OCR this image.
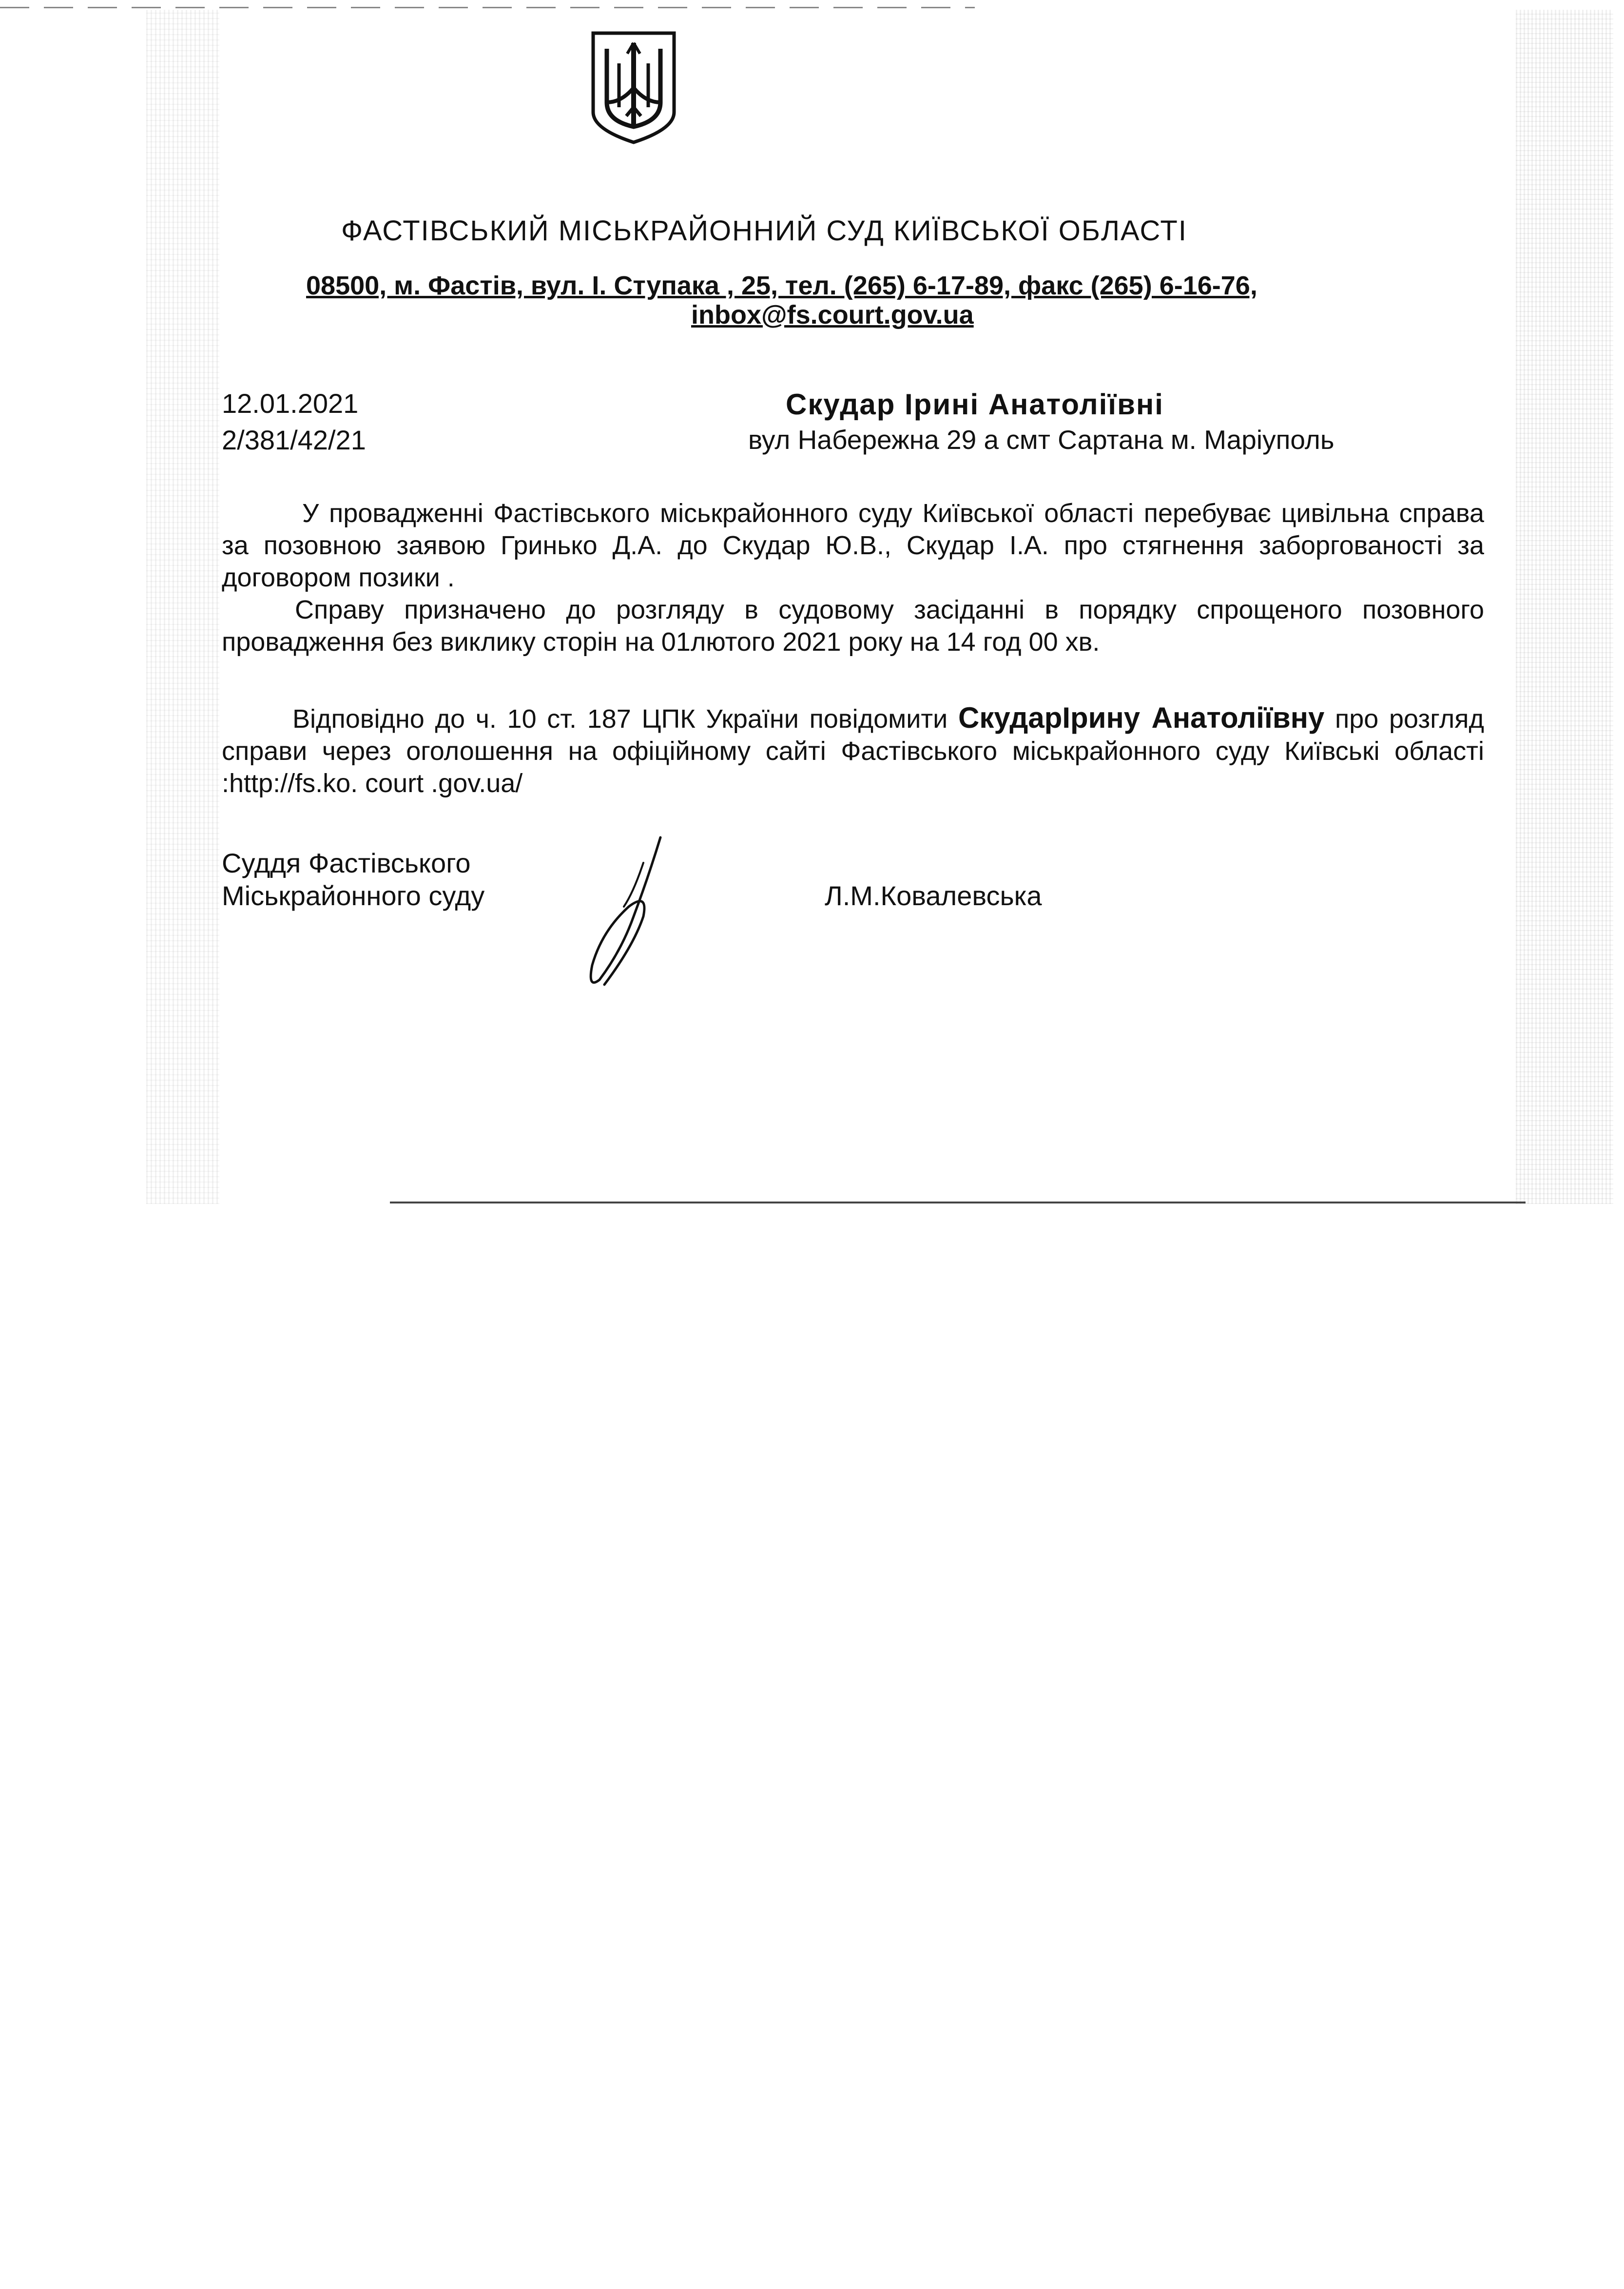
ФАСТІВСЬКИЙ МІСЬКРАЙОННИЙ СУД КИЇВСЬКОЇ ОБЛАСТІ
08500, м. Фастів, вул. І. Ступака , 25, тел. (265) 6-17-89, факс (265) 6-16-76,
inbox@fs.court.gov.ua
12.01.2021
2/381/42/21
Скудар Ірині Анатоліївні
вул Набережна 29 а смт Сартана м. Маріуполь
У провадженні Фастівського міськрайонного суду Київської області перебуває цивільна справа за позовною заявою Гринько Д.А. до Скудар Ю.В., Скудар І.А. про стягнення заборгованості за договором позики .
Справу призначено до розгляду в судовому засіданні в порядку спрощеного позовного провадження без виклику сторін на 01лютого 2021 року на 14 год 00 хв.
Відповідно до ч. 10 ст. 187 ЦПК України повідомити СкударІрину Анатоліївну про розгляд справи через оголошення на офіційному сайті Фастівського міськрайонного суду Київські області :http://fs.ko. court .gov.ua/
Суддя Фастівського
Міськрайонного суду	Л.М.Ковалевська
